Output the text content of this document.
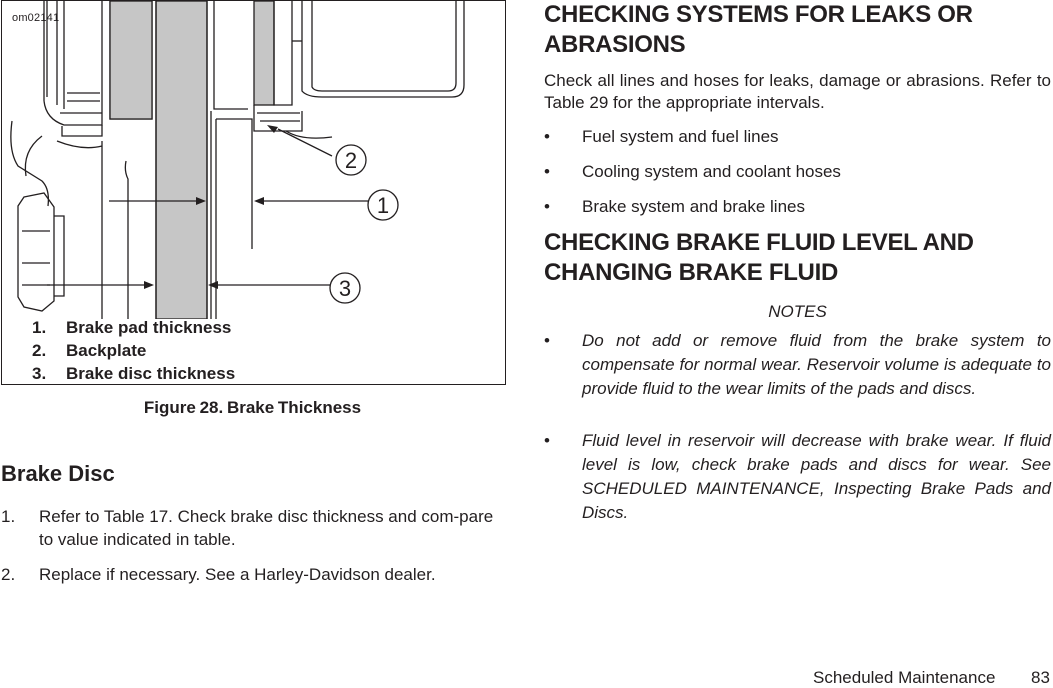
2
1
3
om02141
1. Brake pad thickness
2. Backplate
3. Brake disc thickness
Figure 28. Brake Thickness
Brake Disc
1. Refer to Table 17. Check brake disc thickness and com-pare to value indicated in table.
2. Replace if necessary. See a Harley-Davidson dealer.
CHECKING SYSTEMS FOR LEAKS OR ABRASIONS
Check all lines and hoses for leaks, damage or abrasions. Refer to Table 29 for the appropriate intervals.
• Fuel system and fuel lines
• Cooling system and coolant hoses
• Brake system and brake lines
CHECKING BRAKE FLUID LEVEL AND CHANGING BRAKE FLUID
NOTES
• Do not add or remove fluid from the brake system to compensate for normal wear. Reservoir volume is adequate to provide fluid to the wear limits of the pads and discs.
• Fluid level in reservoir will decrease with brake wear. If fluid level is low, check brake pads and discs for wear. See SCHEDULED MAINTENANCE, Inspecting Brake Pads and Discs.
Scheduled Maintenance 83
